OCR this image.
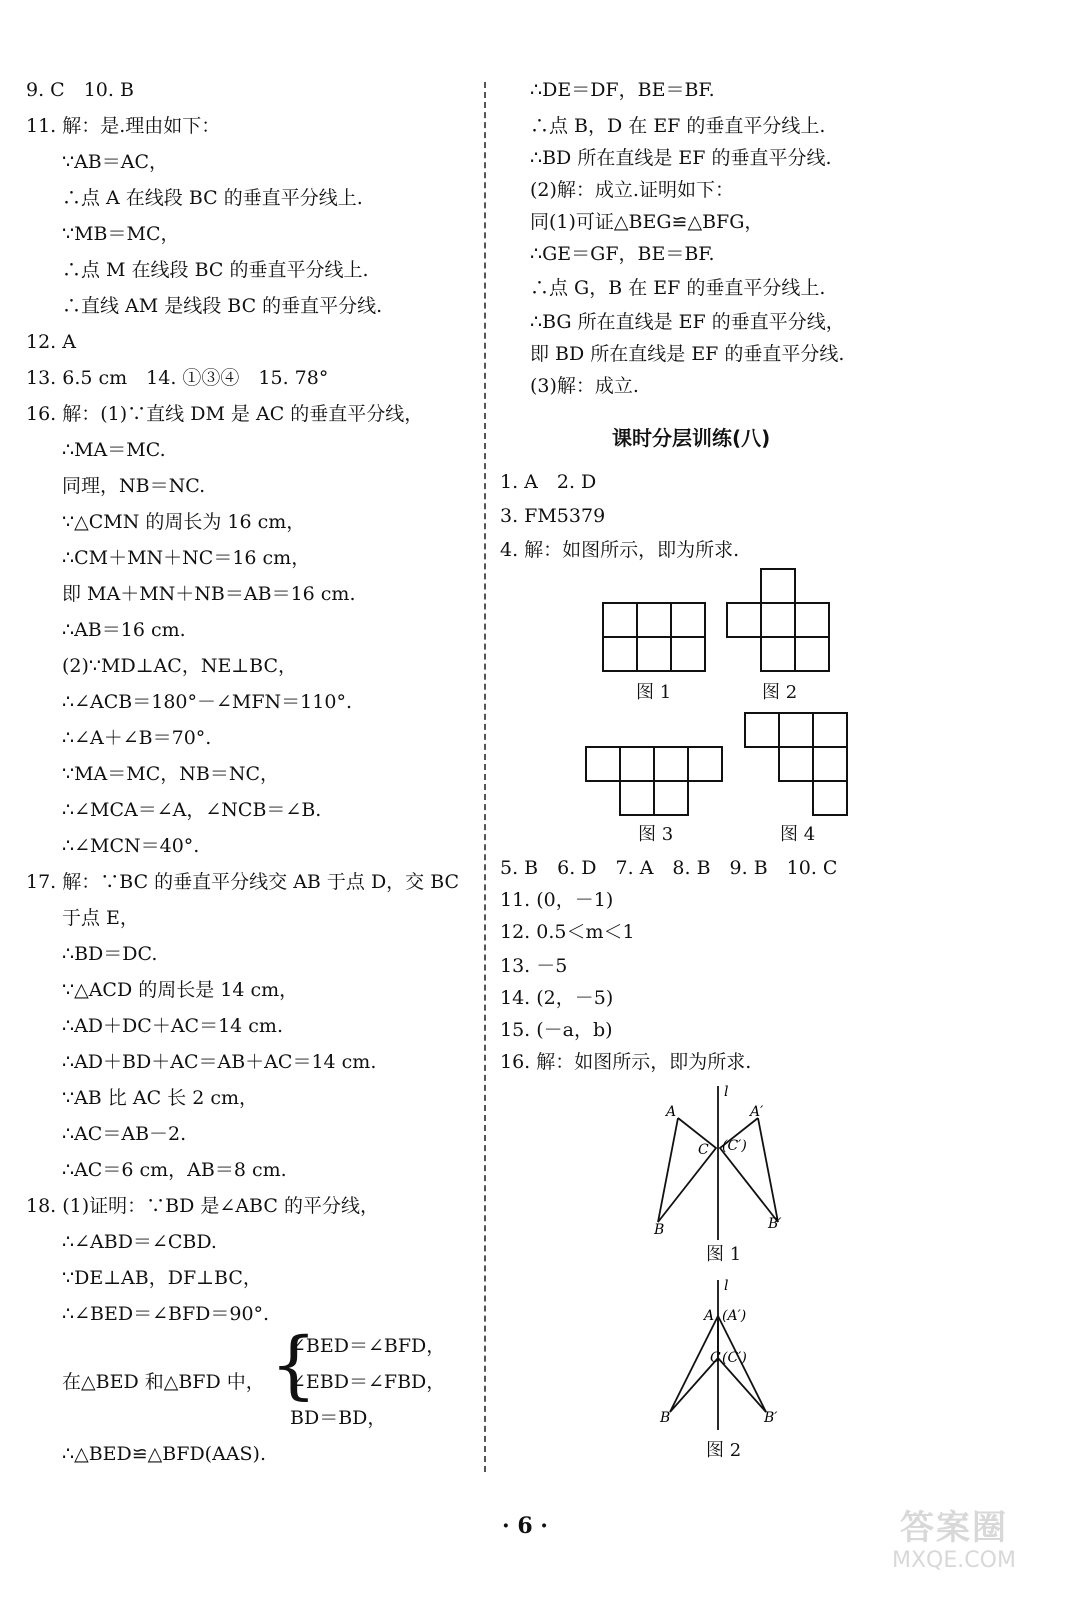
9. C　10. B
11. 解：是.理由如下：
∵AB＝AC，
∴点 A 在线段 BC 的垂直平分线上.
∵MB＝MC，
∴点 M 在线段 BC 的垂直平分线上.
∴直线 AM 是线段 BC 的垂直平分线.
12. A
13. 6.5 cm　14. ①③④　15. 78°
16. 解：(1)∵直线 DM 是 AC 的垂直平分线，
∴MA＝MC.
同理，NB＝NC.
∵△CMN 的周长为 16 cm，
∴CM＋MN＋NC＝16 cm，
即 MA＋MN＋NB＝AB＝16 cm.
∴AB＝16 cm.
(2)∵MD⊥AC，NE⊥BC，
∴∠ACB＝180°－∠MFN＝110°.
∴∠A＋∠B＝70°.
∵MA＝MC，NB＝NC，
∴∠MCA＝∠A，∠NCB＝∠B.
∴∠MCN＝40°.
17. 解：∵BC 的垂直平分线交 AB 于点 D，交 BC
于点 E，
∴BD＝DC.
∵△ACD 的周长是 14 cm，
∴AD＋DC＋AC＝14 cm.
∴AD＋BD＋AC＝AB＋AC＝14 cm.
∵AB 比 AC 长 2 cm，
∴AC＝AB－2.
∴AC＝6 cm，AB＝8 cm.
18. (1)证明：∵BD 是∠ABC 的平分线，
∴∠ABD＝∠CBD.
∵DE⊥AB，DF⊥BC，
∴∠BED＝∠BFD＝90°.
在△BED 和△BFD 中， {
∠BED＝∠BFD，
∠EBD＝∠FBD，
BD＝BD，
∴△BED≌△BFD(AAS).
∴DE＝DF，BE＝BF.
∴点 B，D 在 EF 的垂直平分线上.
∴BD 所在直线是 EF 的垂直平分线.
(2)解：成立.证明如下：
同(1)可证△BEG≌△BFG，
∴GE＝GF，BE＝BF.
∴点 G，B 在 EF 的垂直平分线上.
∴BG 所在直线是 EF 的垂直平分线，
即 BD 所在直线是 EF 的垂直平分线.
(3)解：成立.
课时分层训练(八)
1. A　2. D
3. FM5379
4. 解：如图所示，即为所求.
图 1	图 2
图 3	图 4
5. B　6. D　7. A　8. B　9. B　10. C
11. (0，－1)
12. 0.5＜m＜1
13. －5
14. (2，－5)
15. (－a，b)
16. 解：如图所示，即为所求.
A	A′
C (C′)
B	B′
l
图 1
l
A (A′)
C (C′)
B	B′
图 2
· 6 ·	答案圈
MXQE.COM
